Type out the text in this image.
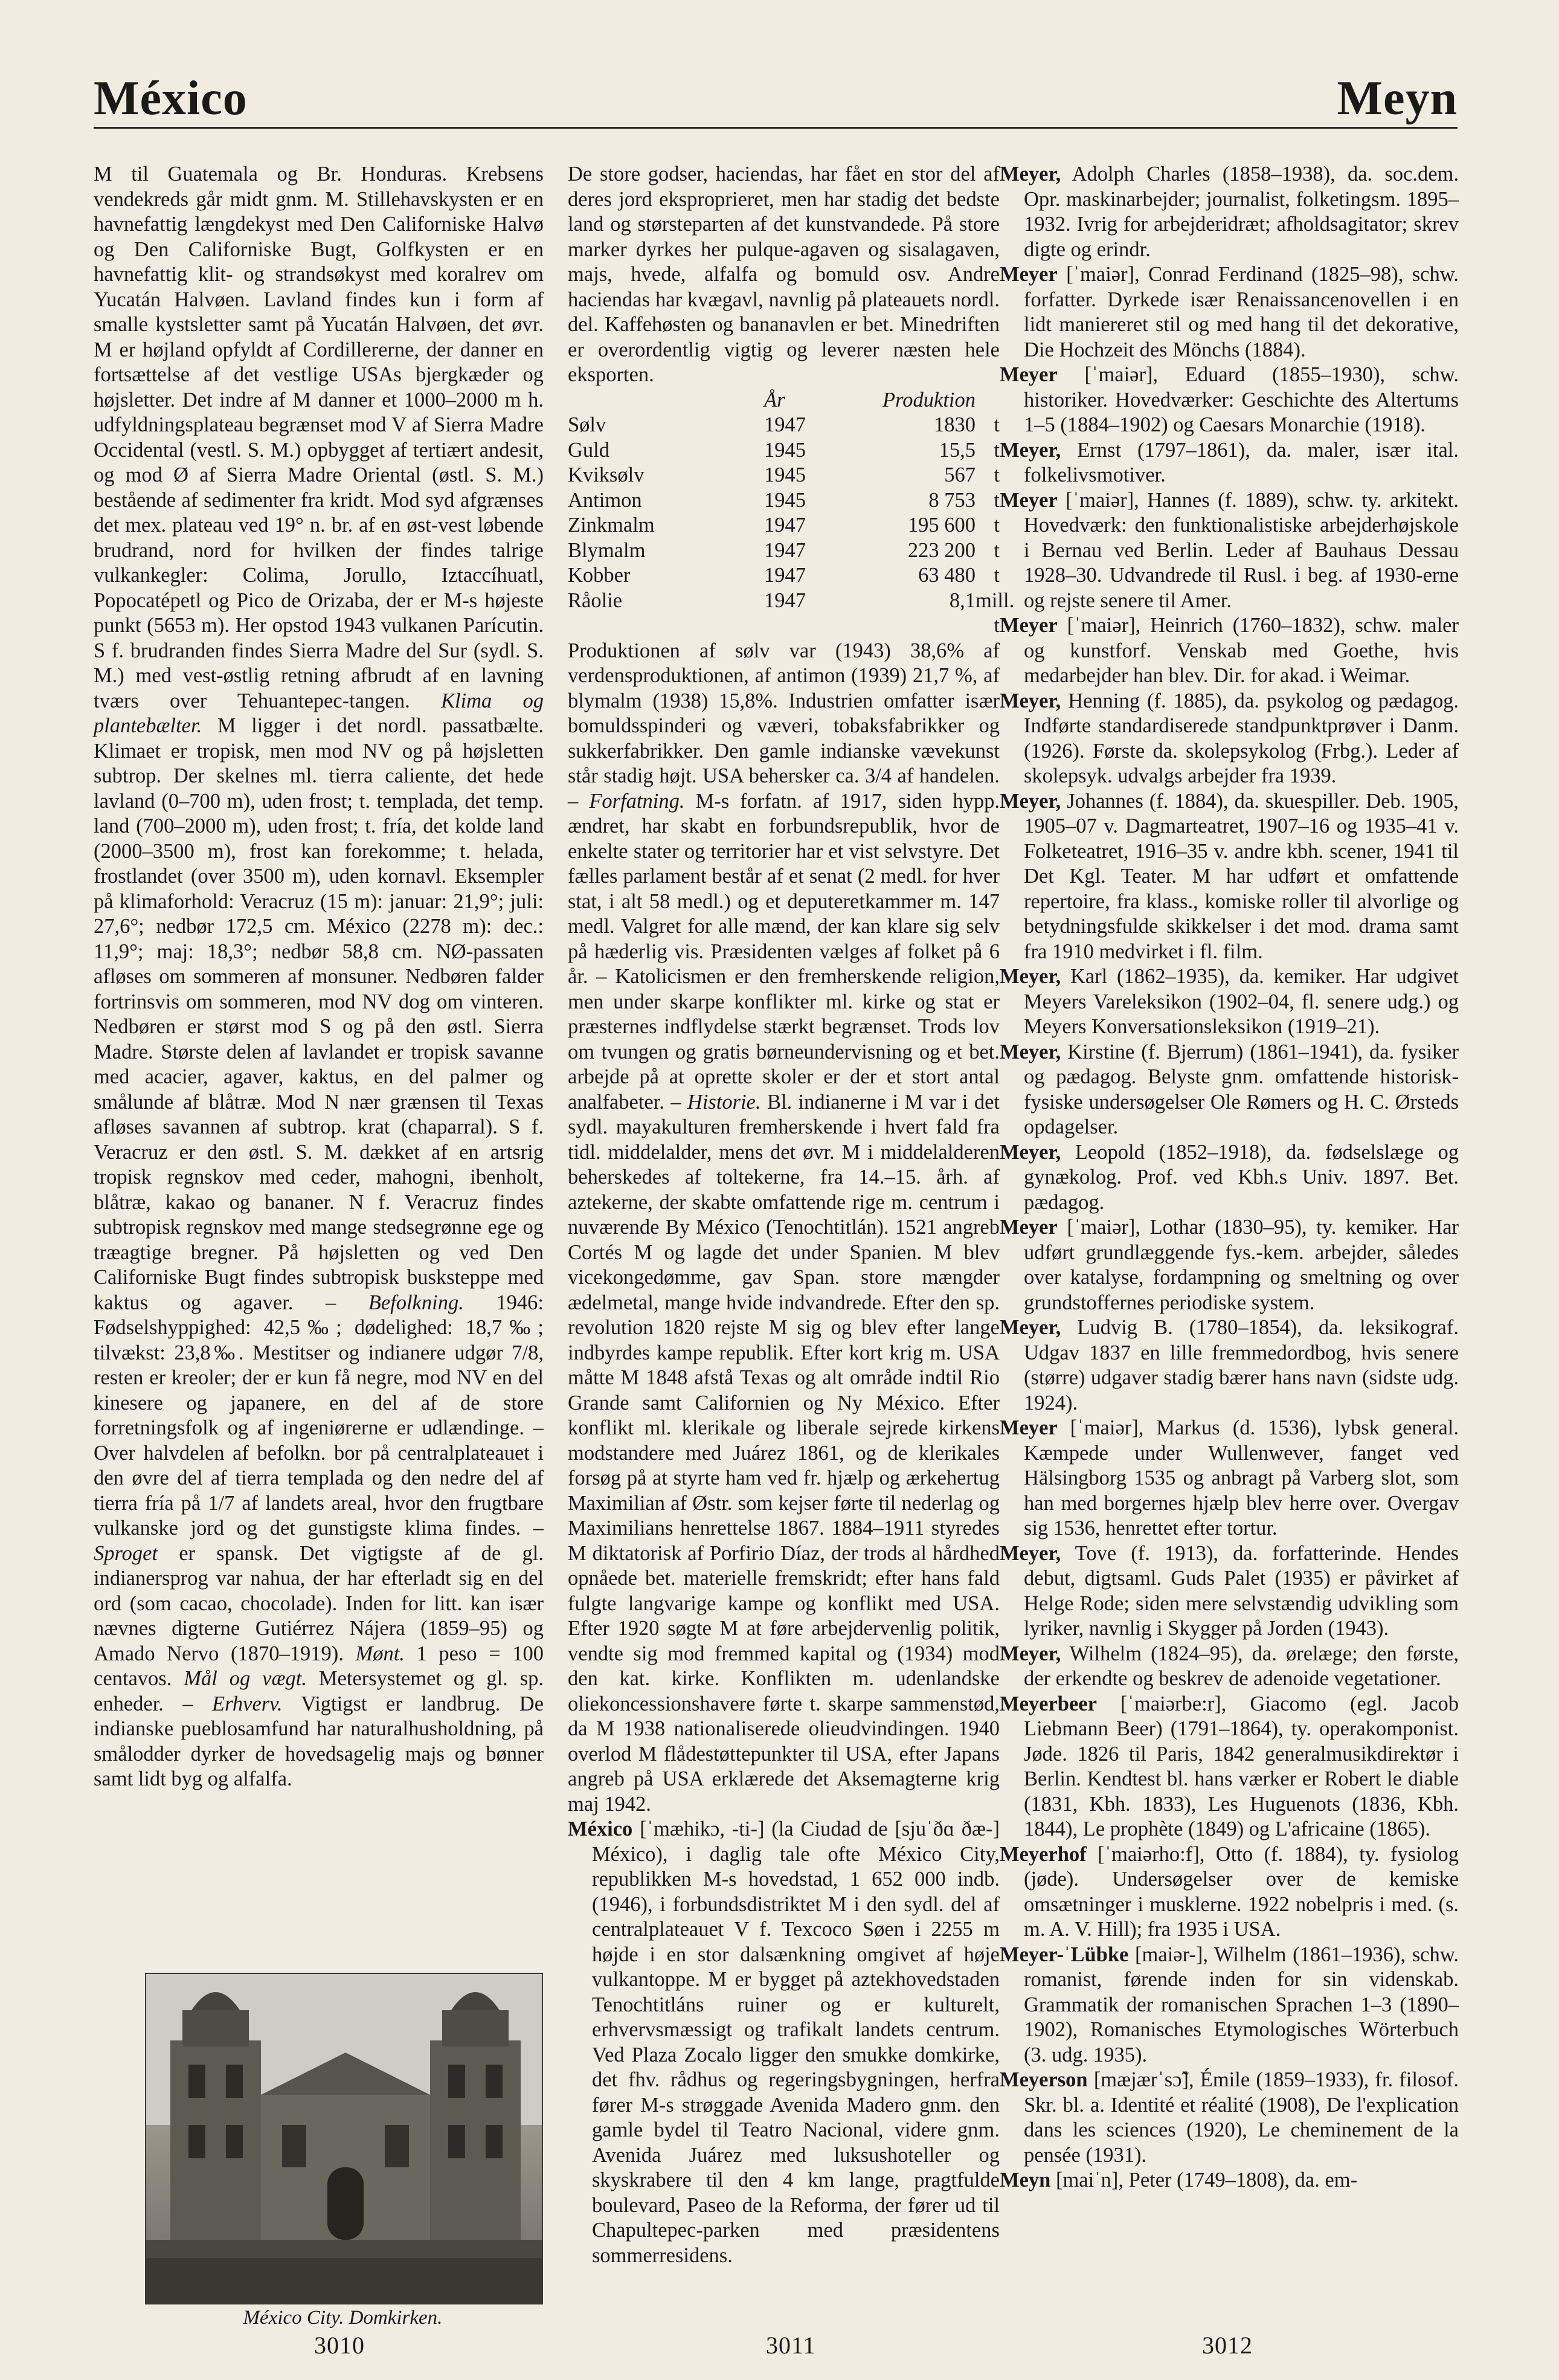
México	Meyn

M til Guatemala og Br. Honduras. Krebsens vendekreds går midt gnm. M. Stillehavskysten er en havnefattig længdekyst med Den Californiske Halvø og Den Californiske Bugt, Golfkysten er en havnefattig klit- og strandsøkyst med koralrev om Yucatán Halvøen. Lavland findes kun i form af smalle kystsletter samt på Yucatán Halvøen, det øvr. M er højland opfyldt af Cordillererne, der danner en fortsættelse af det vestlige USAs bjergkæder og højsletter. Det indre af M danner et 1000–2000 m h. udfyldningsplateau begrænset mod V af Sierra Madre Occidental (vestl. S. M.) opbygget af tertiært andesit, og mod Ø af Sierra Madre Oriental (østl. S. M.) bestående af sedimenter fra kridt. Mod syd afgrænses det mex. plateau ved 19° n. br. af en øst-vest løbende brudrand, nord for hvilken der findes talrige vulkankegler: Colima, Jorullo, Iztaccíhuatl, Popocatépetl og Pico de Orizaba, der er M-s højeste punkt (5653 m). Her opstod 1943 vulkanen Parícutin. S f. brudranden findes Sierra Madre del Sur (sydl. S. M.) med vest-østlig retning afbrudt af en lavning tværs over Tehuantepec-tangen. Klima og plantebælter. M ligger i det nordl. passatbælte. Klimaet er tropisk, men mod NV og på højsletten subtrop. Der skelnes ml. tierra caliente, det hede lavland (0–700 m), uden frost; t. templada, det temp. land (700–2000 m), uden frost; t. fría, det kolde land (2000–3500 m), frost kan forekomme; t. helada, frostlandet (over 3500 m), uden kornavl. Eksempler på klimaforhold: Veracruz (15 m): januar: 21,9°; juli: 27,6°; nedbør 172,5 cm. México (2278 m): dec.: 11,9°; maj: 18,3°; nedbør 58,8 cm. NØ-passaten afløses om sommeren af monsuner. Nedbøren falder fortrinsvis om sommeren, mod NV dog om vinteren. Nedbøren er størst mod S og på den østl. Sierra Madre. Største delen af lavlandet er tropisk savanne med acacier, agaver, kaktus, en del palmer og smålunde af blåtræ. Mod N nær grænsen til Texas afløses savannen af subtrop. krat (chaparral). S f. Veracruz er den østl. S. M. dækket af en artsrig tropisk regnskov med ceder, mahogni, ibenholt, blåtræ, kakao og bananer. N f. Veracruz findes subtropisk regnskov med mange stedsegrønne ege og træagtige bregner. På højsletten og ved Den Californiske Bugt findes subtropisk busksteppe med kaktus og agaver. – Befolkning. 1946: Fødselshyppighed: 42,5‰; dødelighed: 18,7‰; tilvækst: 23,8‰. Mestitser og indianere udgør 7/8, resten er kreoler; der er kun få negre, mod NV en del kinesere og japanere, en del af de store forretningsfolk og af ingeniørerne er udlændinge. – Over halvdelen af befolkn. bor på centralplateauet i den øvre del af tierra templada og den nedre del af tierra fría på 1/7 af landets areal, hvor den frugtbare vulkanske jord og det gunstigste klima findes. – Sproget er spansk. Det vigtigste af de gl. indianersprog var nahua, der har efterladt sig en del ord (som cacao, chocolade). Inden for litt. kan især nævnes digterne Gutiérrez Nájera (1859–95) og Amado Nervo (1870–1919). Mønt. 1 peso = 100 centavos. Mål og vægt. Metersystemet og gl. sp. enheder. – Erhverv. Vigtigst er landbrug. De indianske pueblosamfund har naturalhusholdning, på smålodder dyrker de hovedsagelig majs og bønner samt lidt byg og alfalfa.

México City. Domkirken.

De store godser, haciendas, har fået en stor del af deres jord eksproprieret, men har stadig det bedste land og størsteparten af det kunstvandede. På store marker dyrkes her pulque-agaven og sisalagaven, majs, hvede, alfalfa og bomuld osv. Andre haciendas har kvægavl, navnlig på plateauets nordl. del. Kaffehøsten og bananavlen er bet. Minedriften er overordentlig vigtig og leverer næsten hele eksporten.

År	Produktion
Sølv	1947	1830 t
Guld	1945	15,5 t
Kviksølv	1945	567 t
Antimon	1945	8 753 t
Zinkmalm	1947	195 600 t
Blymalm	1947	223 200 t
Kobber	1947	63 480 t
Råolie	1947	8,1 mill. t

Produktionen af sølv var (1943) 38,6% af verdensproduktionen, af antimon (1939) 21,7 %, af blymalm (1938) 15,8%. Industrien omfatter især bomuldsspinderi og væveri, tobaksfabrikker og sukkerfabrikker. Den gamle indianske vævekunst står stadig højt. USA behersker ca. 3/4 af handelen. – Forfatning. M-s forfatn. af 1917, siden hypp. ændret, har skabt en forbundsrepublik, hvor de enkelte stater og territorier har et vist selvstyre. Det fælles parlament består af et senat (2 medl. for hver stat, i alt 58 medl.) og et deputeretkammer m. 147 medl. Valgret for alle mænd, der kan klare sig selv på hæderlig vis. Præsidenten vælges af folket på 6 år. – Katolicismen er den fremherskende religion, men under skarpe konflikter ml. kirke og stat er præsternes indflydelse stærkt begrænset. Trods lov om tvungen og gratis børneundervisning og et bet. arbejde på at oprette skoler er der et stort antal analfabeter. – Historie. Bl. indianerne i M var i det sydl. mayakulturen fremherskende i hvert fald fra tidl. middelalder, mens det øvr. M i middelalderen beherskedes af toltekerne, fra 14.–15. årh. af aztekerne, der skabte omfattende rige m. centrum i nuværende By México (Tenochtitlán). 1521 angreb Cortés M og lagde det under Spanien. M blev vicekongedømme, gav Span. store mængder ædelmetal, mange hvide indvandrede. Efter den sp. revolution 1820 rejste M sig og blev efter lange indbyrdes kampe republik. Efter kort krig m. USA måtte M 1848 afstå Texas og alt område indtil Rio Grande samt Californien og Ny México. Efter konflikt ml. klerikale og liberale sejrede kirkens modstandere med Juárez 1861, og de klerikales forsøg på at styrte ham ved fr. hjælp og ærkehertug Maximilian af Østr. som kejser førte til nederlag og Maximilians henrettelse 1867. 1884–1911 styredes M diktatorisk af Porfirio Díaz, der trods al hårdhed opnåede bet. materielle fremskridt; efter hans fald fulgte langvarige kampe og konflikt med USA. Efter 1920 søgte M at føre arbejdervenlig politik, vendte sig mod fremmed kapital og (1934) mod den kat. kirke. Konflikten m. udenlandske oliekoncessionshavere førte t. skarpe sammenstød, da M 1938 nationaliserede olieudvindingen. 1940 overlod M flådestøttepunkter til USA, efter Japans angreb på USA erklærede det Aksemagterne krig maj 1942.

México [ˈmæhikɔ, -ti-] (la Ciudad de [sjuˈðɑ ðæ-] México), i daglig tale ofte México City, republikken M-s hovedstad, 1 652 000 indb. (1946), i forbundsdistriktet M i den sydl. del af centralplateauet V f. Texcoco Søen i 2255 m højde i en stor dalsænkning omgivet af høje vulkantoppe. M er bygget på aztekhovedstaden Tenochtitláns ruiner og er kulturelt, erhvervsmæssigt og trafikalt landets centrum. Ved Plaza Zocalo ligger den smukke domkirke, det fhv. rådhus og regeringsbygningen, herfra fører M-s strøggade Avenida Madero gnm. den gamle bydel til Teatro Nacional, videre gnm. Avenida Juárez med luksushoteller og skyskrabere til den 4 km lange, pragtfulde boulevard, Paseo de la Reforma, der fører ud til Chapultepec-parken med præsidentens sommerresidens.

Meyer, Adolph Charles (1858–1938), da. soc.dem. Opr. maskinarbejder; journalist, folketingsm. 1895–1932. Ivrig for arbejderidræt; afholdsagitator; skrev digte og erindr.

Meyer [ˈmaiər], Conrad Ferdinand (1825–98), schw. forfatter. Dyrkede især Renaissancenovellen i en lidt maniereret stil og med hang til det dekorative, Die Hochzeit des Mönchs (1884).

Meyer [ˈmaiər], Eduard (1855–1930), schw. historiker. Hovedværker: Geschichte des Altertums 1–5 (1884–1902) og Caesars Monarchie (1918).

Meyer, Ernst (1797–1861), da. maler, især ital. folkelivsmotiver.

Meyer [ˈmaiər], Hannes (f. 1889), schw. ty. arkitekt. Hovedværk: den funktionalistiske arbejderhøjskole i Bernau ved Berlin. Leder af Bauhaus Dessau 1928–30. Udvandrede til Rusl. i beg. af 1930-erne og rejste senere til Amer.

Meyer [ˈmaiər], Heinrich (1760–1832), schw. maler og kunstforf. Venskab med Goethe, hvis medarbejder han blev. Dir. for akad. i Weimar.

Meyer, Henning (f. 1885), da. psykolog og pædagog. Indførte standardiserede standpunktprøver i Danm. (1926). Første da. skolepsykolog (Frbg.). Leder af skolepsyk. udvalgs arbejder fra 1939.

Meyer, Johannes (f. 1884), da. skuespiller. Deb. 1905, 1905–07 v. Dagmarteatret, 1907–16 og 1935–41 v. Folketeatret, 1916–35 v. andre kbh. scener, 1941 til Det Kgl. Teater. M har udført et omfattende repertoire, fra klass., komiske roller til alvorlige og betydningsfulde skikkelser i det mod. drama samt fra 1910 medvirket i fl. film.

Meyer, Karl (1862–1935), da. kemiker. Har udgivet Meyers Vareleksikon (1902–04, fl. senere udg.) og Meyers Konversationsleksikon (1919–21).

Meyer, Kirstine (f. Bjerrum) (1861–1941), da. fysiker og pædagog. Belyste gnm. omfattende historisk-fysiske undersøgelser Ole Rømers og H. C. Ørsteds opdagelser.

Meyer, Leopold (1852–1918), da. fødselslæge og gynækolog. Prof. ved Kbh.s Univ. 1897. Bet. pædagog.

Meyer [ˈmaiər], Lothar (1830–95), ty. kemiker. Har udført grundlæggende fys.-kem. arbejder, således over katalyse, fordampning og smeltning og over grundstoffernes periodiske system.

Meyer, Ludvig B. (1780–1854), da. leksikograf. Udgav 1837 en lille fremmedordbog, hvis senere (større) udgaver stadig bærer hans navn (sidste udg. 1924).

Meyer [ˈmaiər], Markus (d. 1536), lybsk general. Kæmpede under Wullenwever, fanget ved Hälsingborg 1535 og anbragt på Varberg slot, som han med borgernes hjælp blev herre over. Overgav sig 1536, henrettet efter tortur.

Meyer, Tove (f. 1913), da. forfatterinde. Hendes debut, digtsaml. Guds Palet (1935) er påvirket af Helge Rode; siden mere selvstændig udvikling som lyriker, navnlig i Skygger på Jorden (1943).

Meyer, Wilhelm (1824–95), da. ørelæge; den første, der erkendte og beskrev de adenoide vegetationer.

Meyerbeer [ˈmaiərbe:r], Giacomo (egl. Jacob Liebmann Beer) (1791–1864), ty. operakomponist. Jøde. 1826 til Paris, 1842 generalmusikdirektør i Berlin. Kendtest bl. hans værker er Robert le diable (1831, Kbh. 1833), Les Huguenots (1836, Kbh. 1844), Le prophète (1849) og L'africaine (1865).

Meyerhof [ˈmaiərho:f], Otto (f. 1884), ty. fysiolog (jøde). Undersøgelser over de kemiske omsætninger i musklerne. 1922 nobelpris i med. (s. m. A. V. Hill); fra 1935 i USA.

Meyer-ˈLübke [maiər-], Wilhelm (1861–1936), schw. romanist, førende inden for sin videnskab. Grammatik der romanischen Sprachen 1–3 (1890–1902), Romanisches Etymologisches Wörterbuch (3. udg. 1935).

Meyerson [mæjærˈsɔ̃], Émile (1859–1933), fr. filosof. Skr. bl. a. Identité et réalité (1908), De l'explication dans les sciences (1920), Le cheminement de la pensée (1931).

Meyn [maiˈn], Peter (1749–1808), da. em-

3010	3011	3012
